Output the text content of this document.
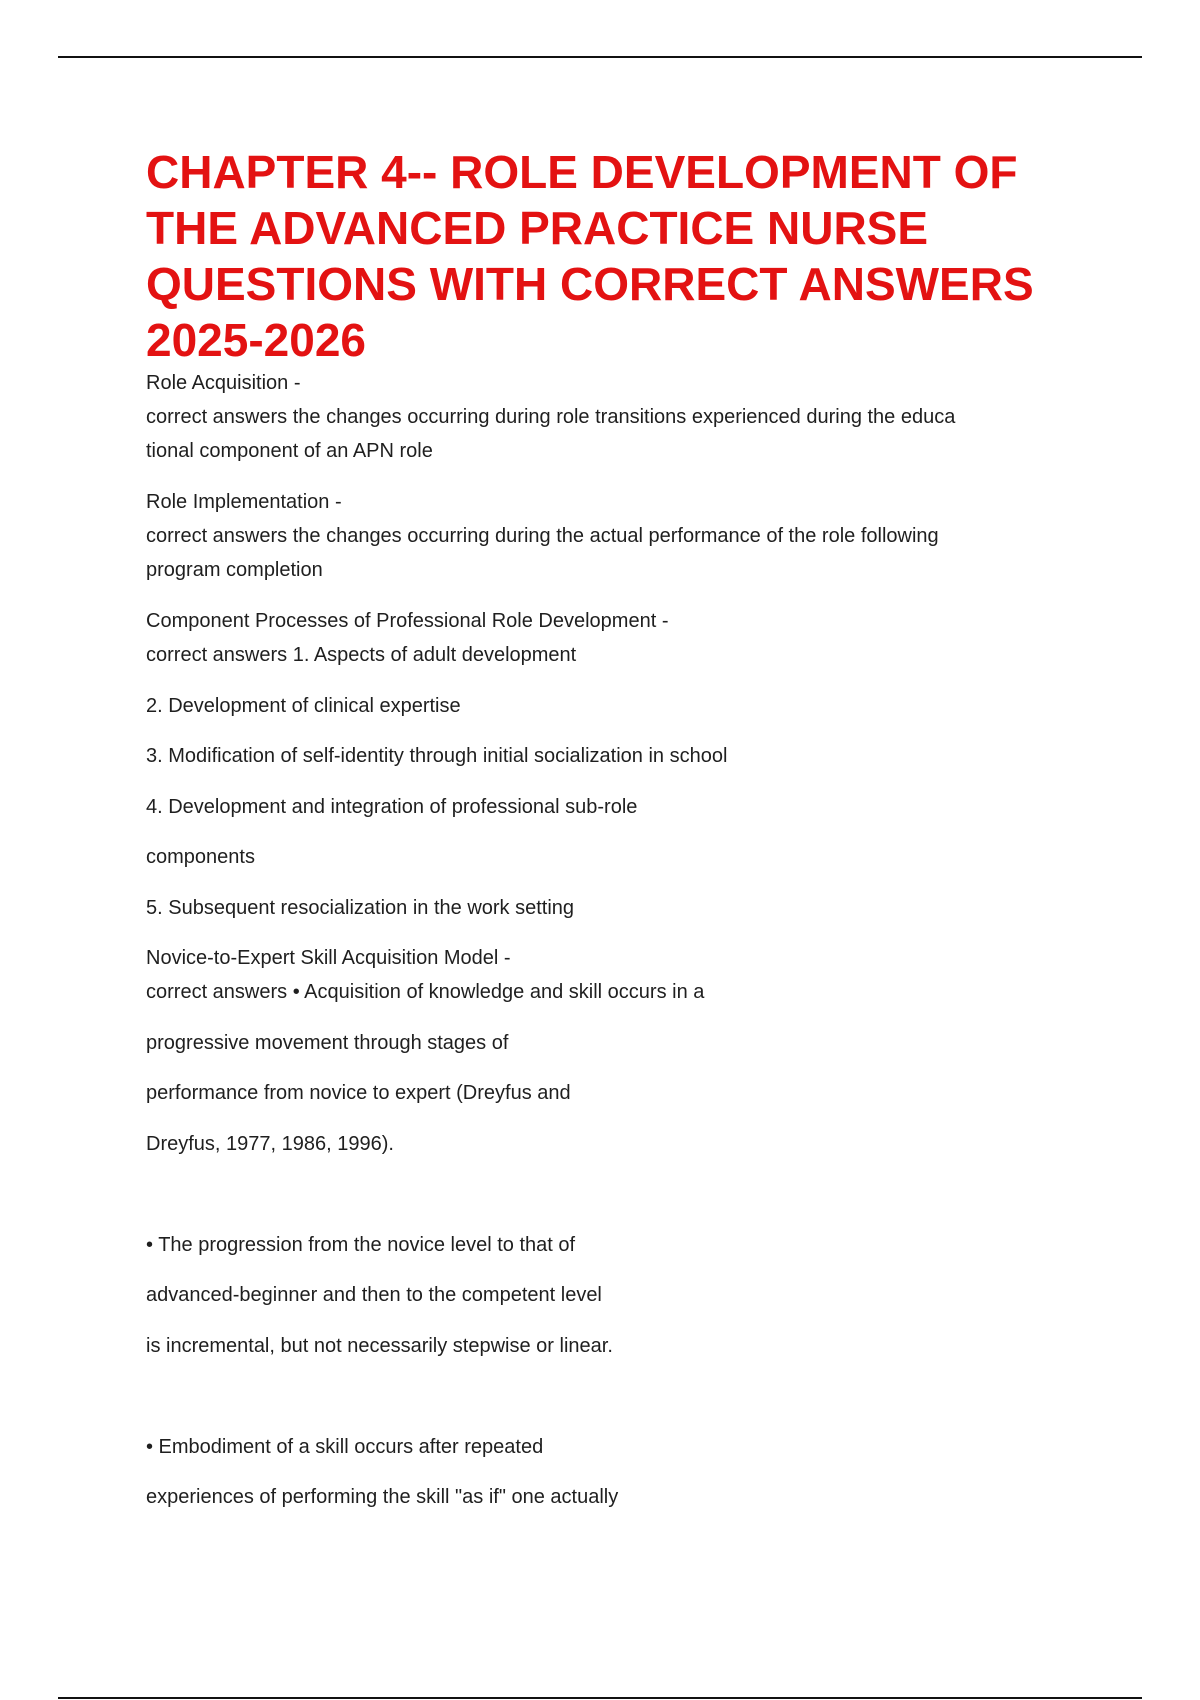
CHAPTER 4-- ROLE DEVELOPMENT OF THE ADVANCED PRACTICE NURSE QUESTIONS WITH CORRECT ANSWERS 2025-2026

Role Acquisition -

correct answers the changes occurring during role transitions experienced during the educa

tional component of an APN role

Role Implementation -

correct answers the changes occurring during the actual performance of the role following

program completion

Component Processes of Professional Role Development -

correct answers 1. Aspects of adult development

2. Development of clinical expertise

3. Modification of self-identity through initial socialization in school

4. Development and integration of professional sub-role

components

5. Subsequent resocialization in the work setting

Novice-to-Expert Skill Acquisition Model -

correct answers • Acquisition of knowledge and skill occurs in a

progressive movement through stages of

performance from novice to expert (Dreyfus and

Dreyfus, 1977, 1986, 1996).

• The progression from the novice level to that of

advanced-beginner and then to the competent level

is incremental, but not necessarily stepwise or linear.

• Embodiment of a skill occurs after repeated

experiences of performing the skill "as if" one actually
